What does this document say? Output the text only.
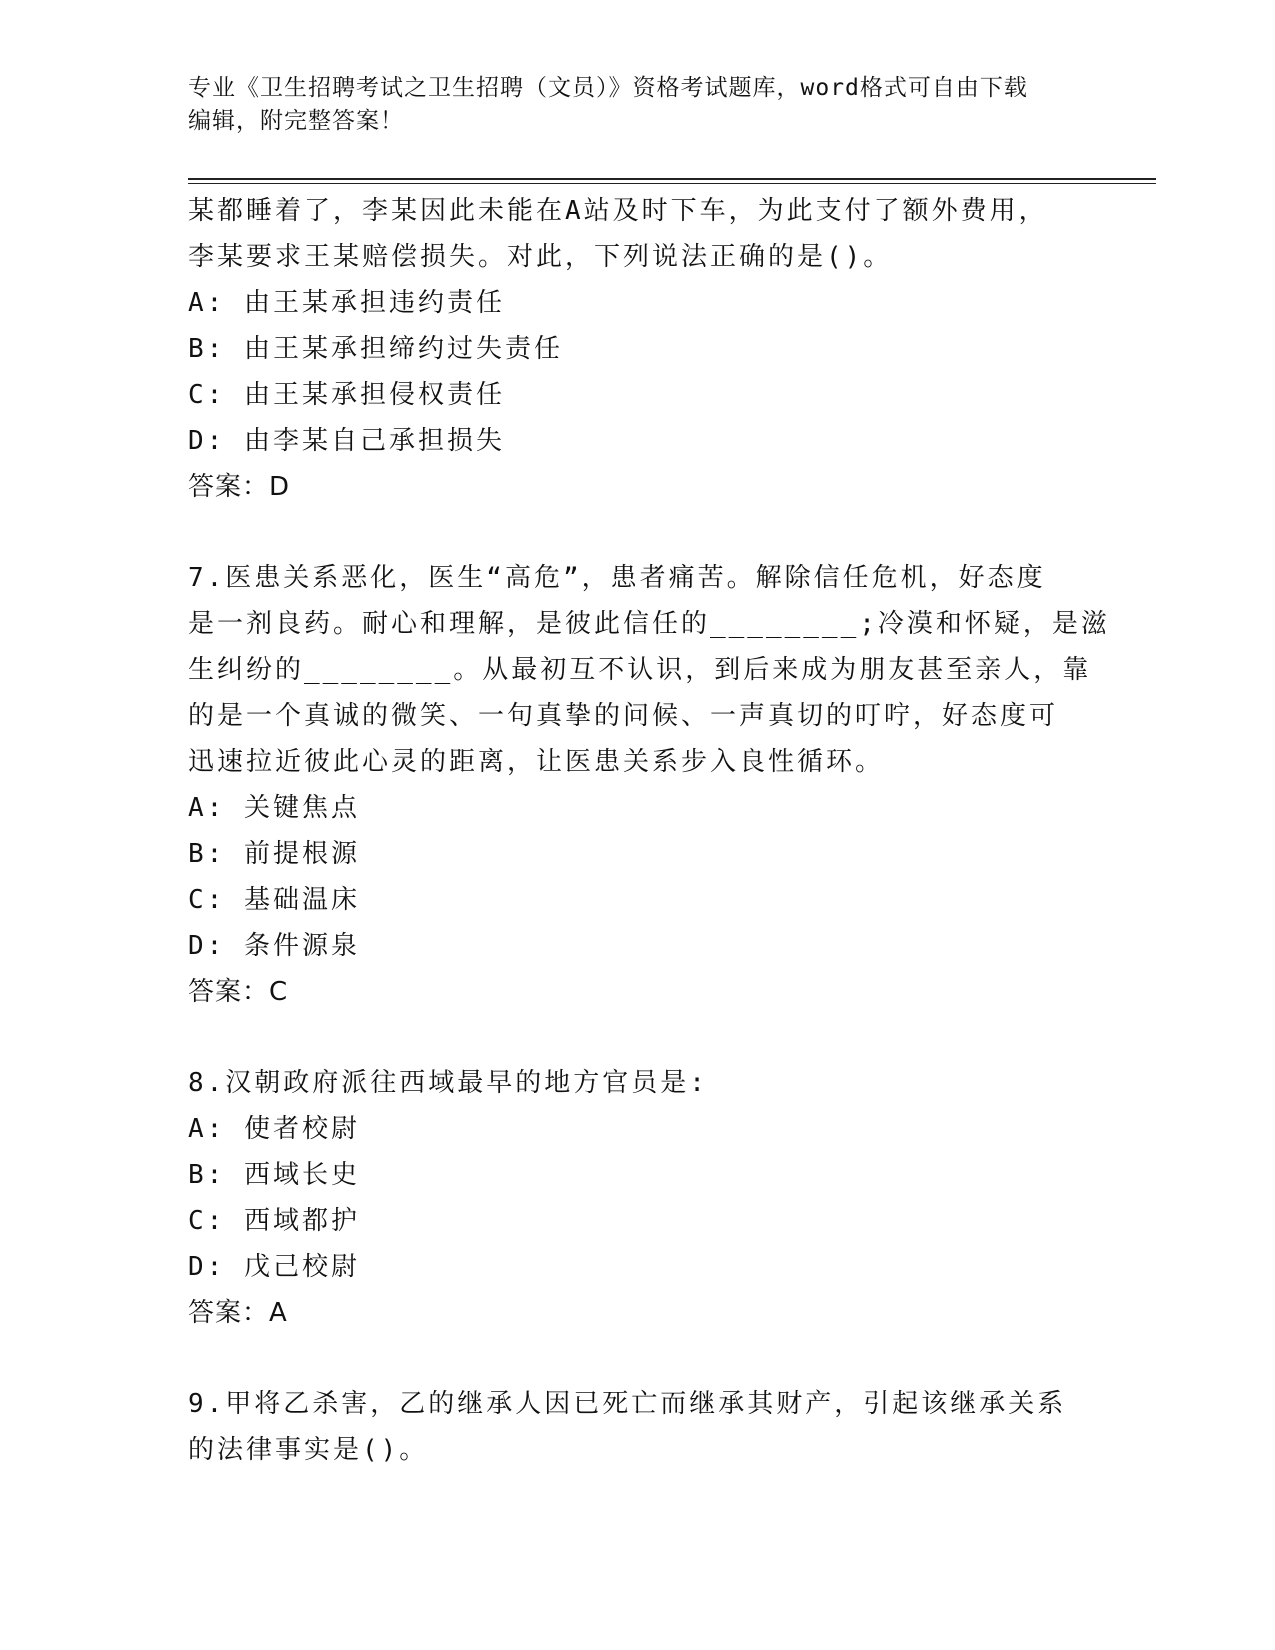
专业《卫生招聘考试之卫生招聘（文员）》资格考试题库，word格式可自由下载
编辑，附完整答案！
某都睡着了，李某因此未能在A站及时下车，为此支付了额外费用，
李某要求王某赔偿损失。对此，下列说法正确的是()。
A: 由王某承担违约责任
B: 由王某承担缔约过失责任
C: 由王某承担侵权责任
D: 由李某自己承担损失
答案：D
7.医患关系恶化，医生“高危”，患者痛苦。解除信任危机，好态度
是一剂良药。耐心和理解，是彼此信任的________;冷漠和怀疑，是滋
生纠纷的________。从最初互不认识，到后来成为朋友甚至亲人，靠
的是一个真诚的微笑、一句真挚的问候、一声真切的叮咛，好态度可
迅速拉近彼此心灵的距离，让医患关系步入良性循环。
A: 关键焦点
B: 前提根源
C: 基础温床
D: 条件源泉
答案：C
8.汉朝政府派往西域最早的地方官员是:
A: 使者校尉
B: 西域长史
C: 西域都护
D: 戊己校尉
答案：A
9.甲将乙杀害，乙的继承人因已死亡而继承其财产，引起该继承关系
的法律事实是()。
